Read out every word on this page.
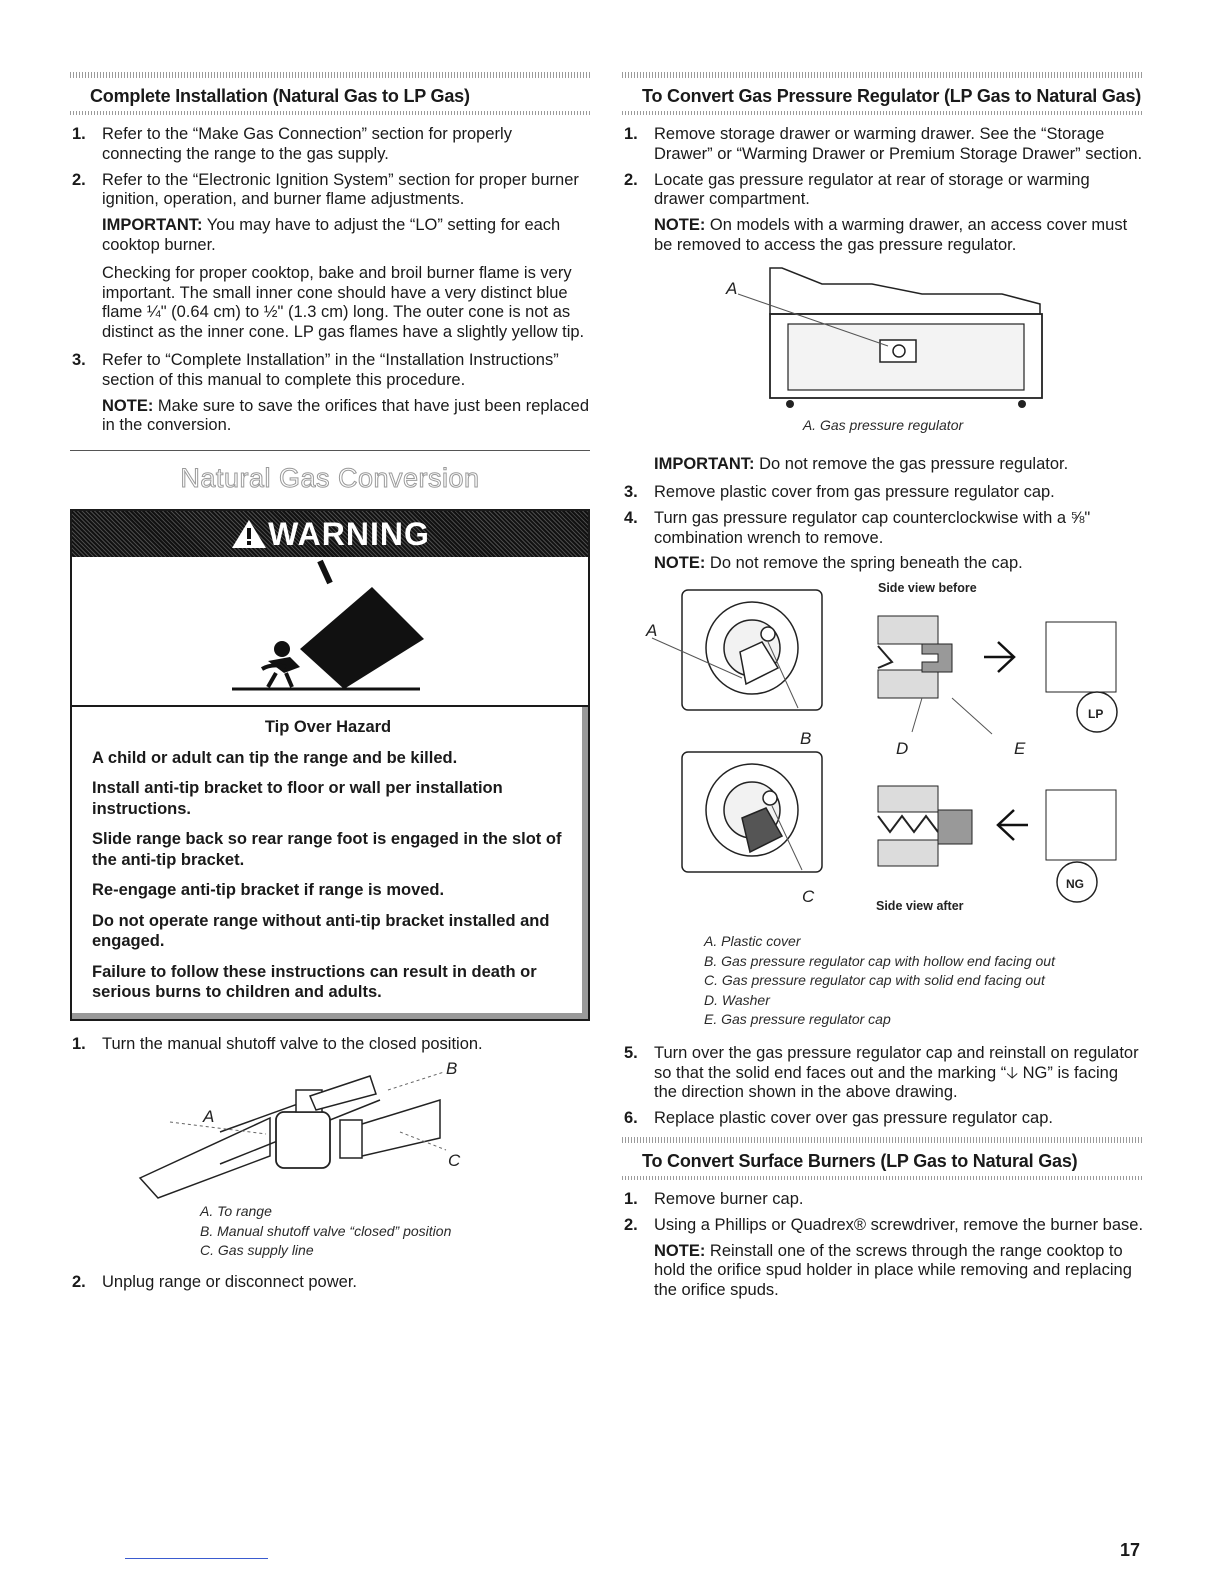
Complete Installation (Natural Gas to LP Gas)
1. Refer to the “Make Gas Connection” section for properly connecting the range to the gas supply.
2. Refer to the “Electronic Ignition System” section for proper burner ignition, operation, and burner flame adjustments.

IMPORTANT: You may have to adjust the “LO” setting for each cooktop burner.

Checking for proper cooktop, bake and broil burner flame is very important. The small inner cone should have a very distinct blue flame ¼" (0.64 cm) to ½" (1.3 cm) long. The outer cone is not as distinct as the inner cone. LP gas flames have a slightly yellow tip.

3. Refer to “Complete Installation” in the “Installation Instructions” section of this manual to complete this procedure.

NOTE: Make sure to save the orifices that have just been replaced in the conversion.

Natural Gas Conversion
WARNING

Tip Over Hazard

A child or adult can tip the range and be killed.

Install anti-tip bracket to floor or wall per installation instructions.

Slide range back so rear range foot is engaged in the slot of the anti-tip bracket.

Re-engage anti-tip bracket if range is moved.

Do not operate range without anti-tip bracket installed and engaged.

Failure to follow these instructions can result in death or serious burns to children and adults.

1. Turn the manual shutoff valve to the closed position.
A
B
C
A. To range
B. Manual shutoff valve “closed” position
C. Gas supply line
2. Unplug range or disconnect power.
To Convert Gas Pressure Regulator (LP Gas to Natural Gas)
1. Remove storage drawer or warming drawer. See the “Storage Drawer” or “Warming Drawer or Premium Storage Drawer” section.
2. Locate gas pressure regulator at rear of storage or warming drawer compartment.

NOTE: On models with a warming drawer, an access cover must be removed to access the gas pressure regulator.

A
A. Gas pressure regulator

IMPORTANT: Do not remove the gas pressure regulator.

3. Remove plastic cover from gas pressure regulator cap.
4. Turn gas pressure regulator cap counterclockwise with a ⅝" combination wrench to remove.

NOTE: Do not remove the spring beneath the cap.

A
B
C
D	E
Side view before
Side view after
LP
NG
A. Plastic cover
B. Gas pressure regulator cap with hollow end facing out
C. Gas pressure regulator cap with solid end facing out
D. Washer
E. Gas pressure regulator cap
5. Turn over the gas pressure regulator cap and reinstall on regulator so that the solid end faces out and the marking “🡣 NG” is facing the direction shown in the above drawing.
6. Replace plastic cover over gas pressure regulator cap.
To Convert Surface Burners (LP Gas to Natural Gas)
1. Remove burner cap.
2. Using a Phillips or Quadrex® screwdriver, remove the burner base.

NOTE: Reinstall one of the screws through the range cooktop to hold the orifice spud holder in place while removing and replacing the orifice spuds.

17
